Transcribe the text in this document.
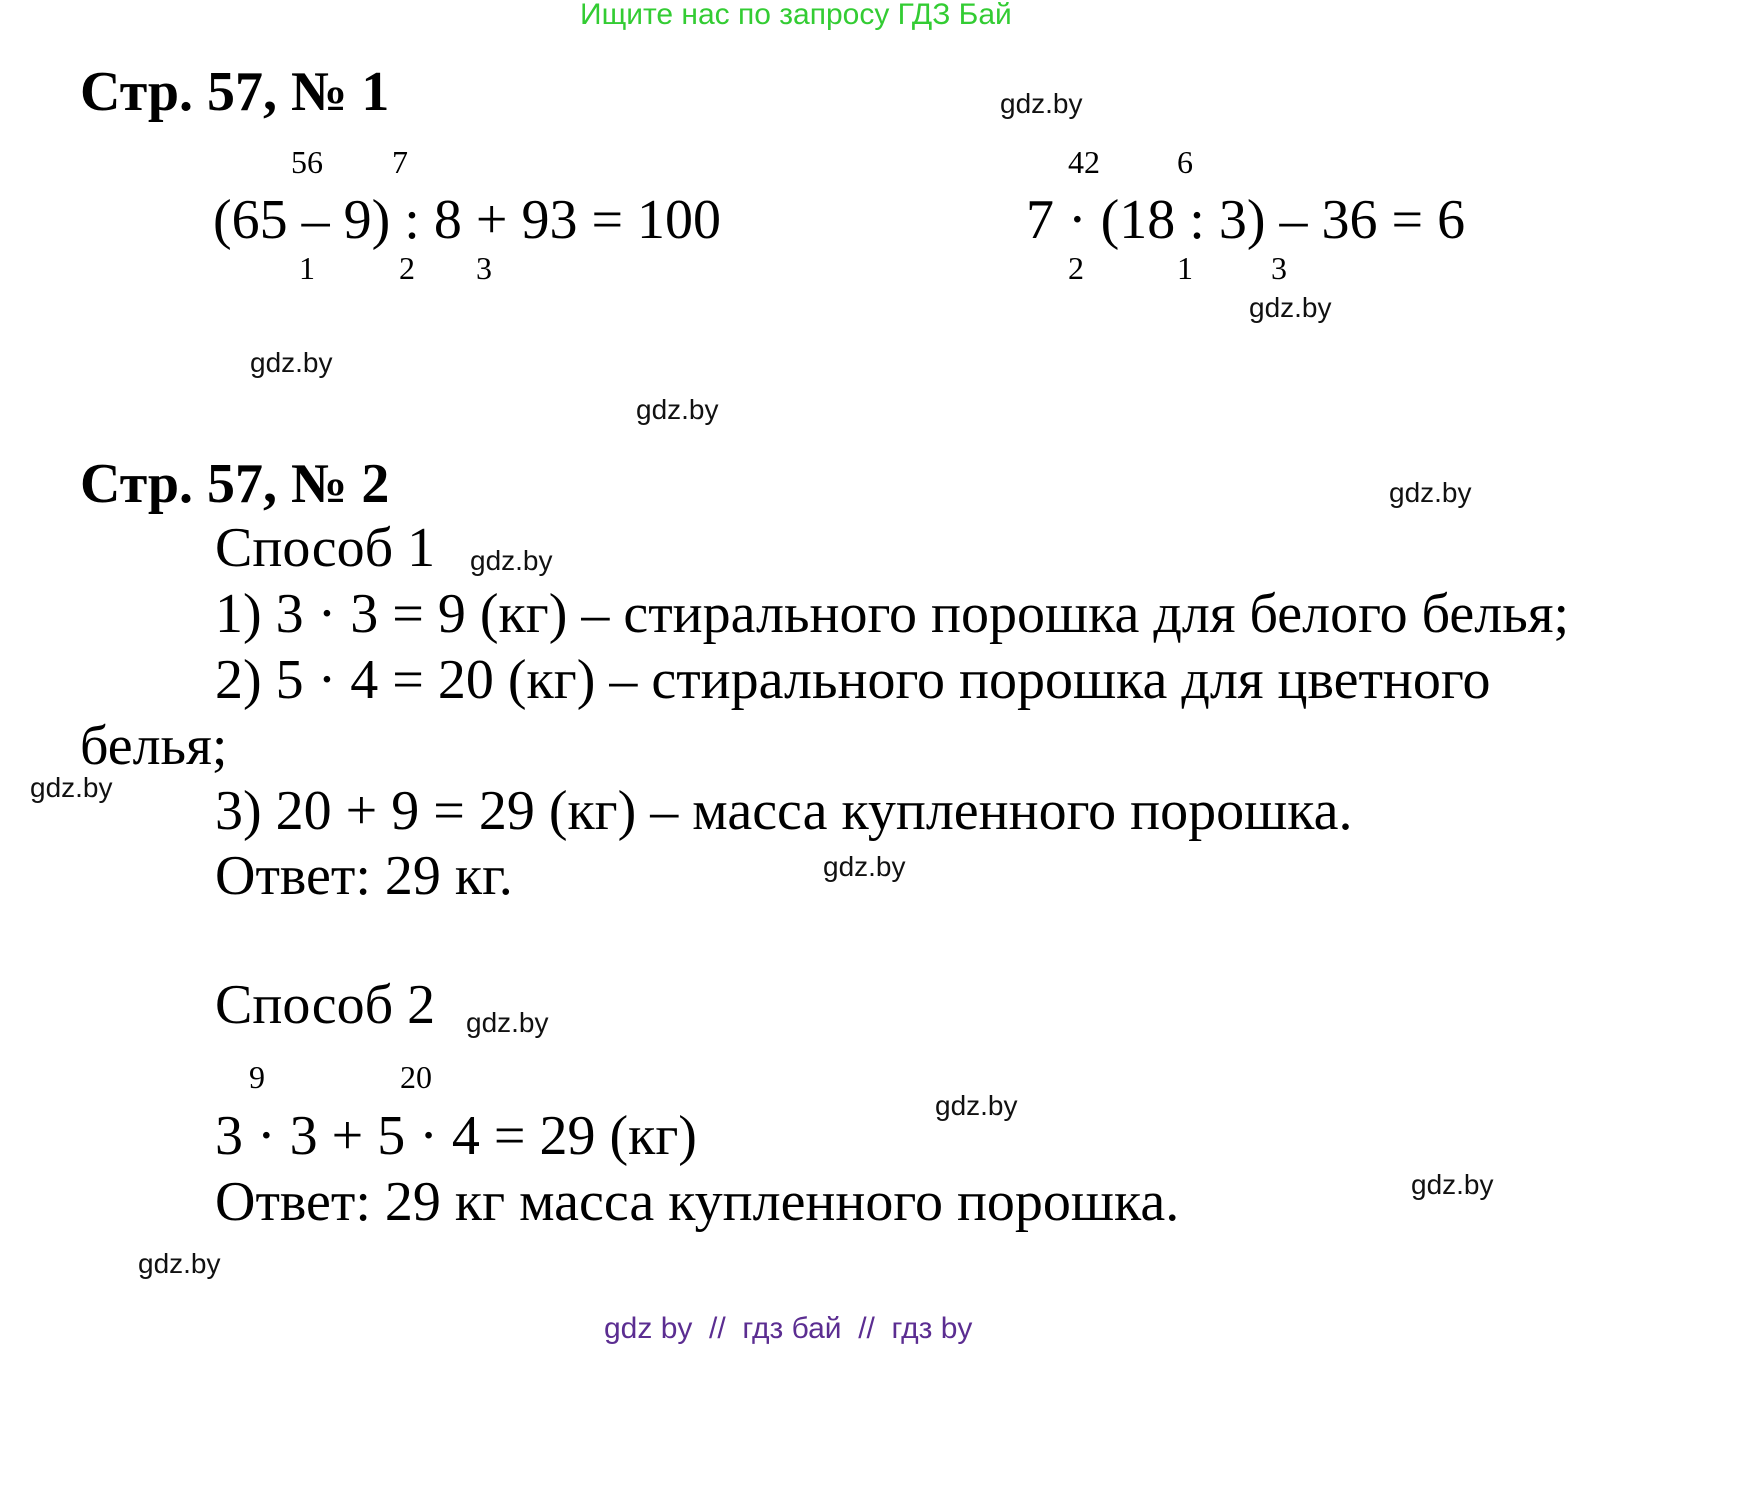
Ищите нас по запросу ГДЗ Бай
Стр. 57, № 1
56 7
(65 – 9) : 8 + 93 = 100
1	2 3
42 6
7 · (18 : 3) – 36 = 6
2	1 3
Стр. 57, № 2
Способ 1
1) 3 · 3 = 9 (кг) – стирального порошка для белого белья;
2) 5 · 4 = 20 (кг) – стирального порошка для цветного
белья;
3) 20 + 9 = 29 (кг) – масса купленного порошка.
Ответ: 29 кг.
Способ 2
9	20
3 · 3 + 5 · 4 = 29 (кг)
Ответ: 29 кг масса купленного порошка.
gdz.by
gdz.by
gdz.by
gdz.by
gdz.by
gdz.by
gdz.by
gdz.by
gdz.by
gdz.by
gdz.by
gdz.by
gdz by  //  гдз бай  //  гдз by
